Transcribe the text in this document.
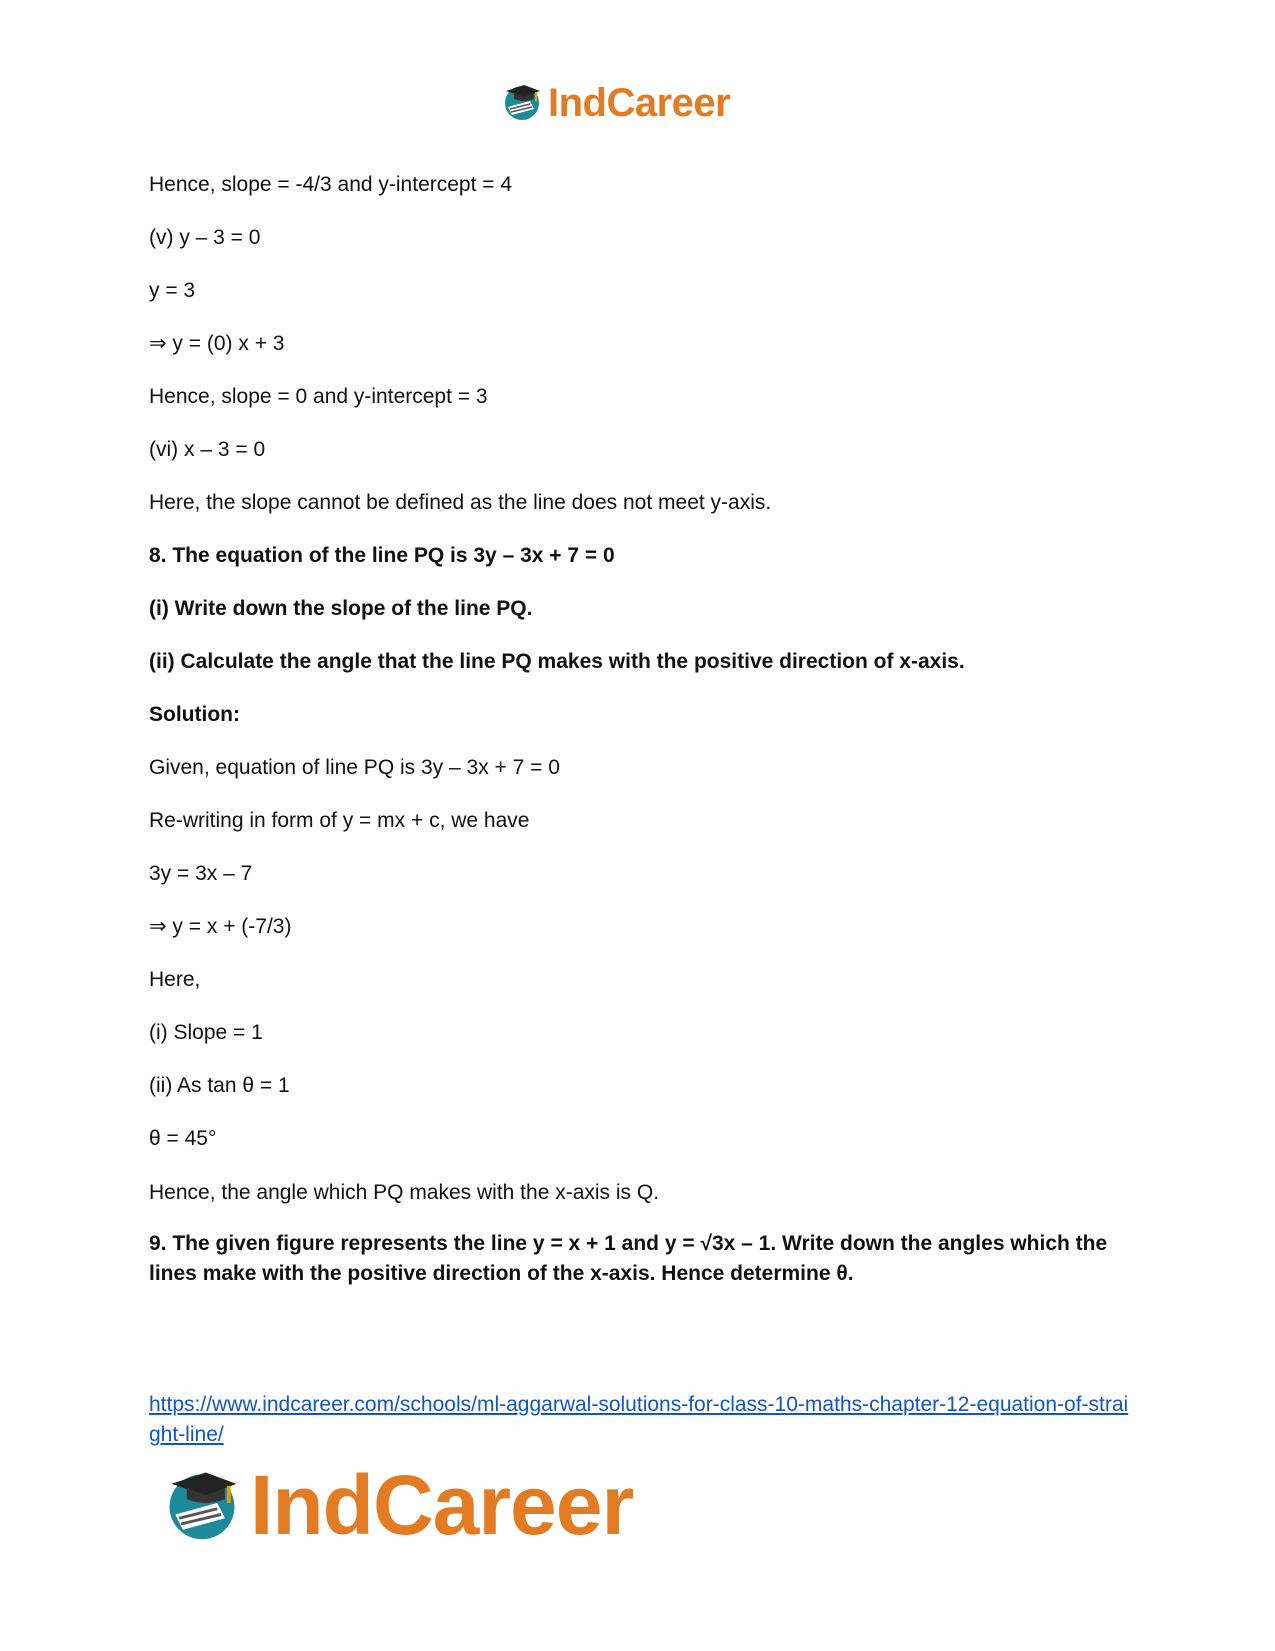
IndCareer

Hence, slope = -4/3 and y-intercept = 4

(v) y – 3 = 0

y = 3

⇒ y = (0) x + 3

Hence, slope = 0 and y-intercept = 3

(vi) x – 3 = 0

Here, the slope cannot be defined as the line does not meet y-axis.

8. The equation of the line PQ is 3y – 3x + 7 = 0

(i) Write down the slope of the line PQ.

(ii) Calculate the angle that the line PQ makes with the positive direction of x-axis.

Solution:

Given, equation of line PQ is 3y – 3x + 7 = 0

Re-writing in form of y = mx + c, we have

3y = 3x – 7

⇒ y = x + (-7/3)

Here,

(i) Slope = 1

(ii) As tan θ = 1

θ = 45°

Hence, the angle which PQ makes with the x-axis is Q.

9. The given figure represents the line y = x + 1 and y = √3x – 1. Write down the angles which the lines make with the positive direction of the x-axis. Hence determine θ.

https://www.indcareer.com/schools/ml-aggarwal-solutions-for-class-10-maths-chapter-12-equation-of-straight-line/
IndCareer
